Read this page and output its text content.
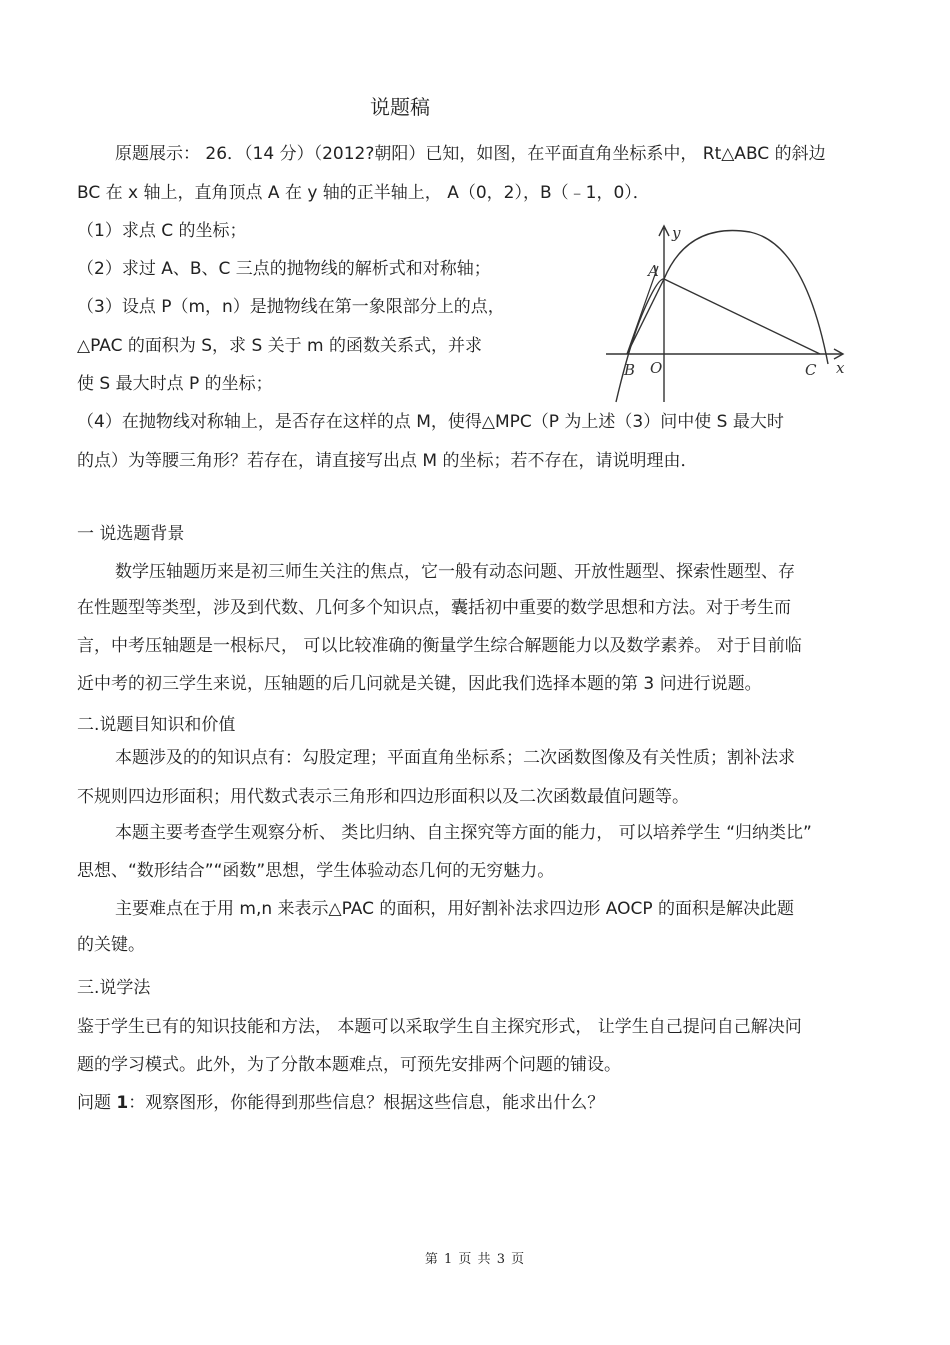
说题稿
原题展示： 26．（14 分）（2012?朝阳）已知，如图，在平面直角坐标系中， Rt△ABC 的斜边
BC 在 x 轴上，直角顶点 A 在 y 轴的正半轴上， A（0，2），B（﹣1，0）．
（1）求点 C 的坐标；
（2）求过 A、B、C 三点的抛物线的解析式和对称轴；
（3）设点 P（m，n）是抛物线在第一象限部分上的点，
△PAC 的面积为 S，求 S 关于 m 的函数关系式，并求
使 S 最大时点 P 的坐标；
（4）在抛物线对称轴上，是否存在这样的点 M，使得△MPC（P 为上述（3）问中使 S 最大时
的点）为等腰三角形？若存在，请直接写出点 M 的坐标；若不存在，请说明理由．
y
x
A
B O	C
一 说选题背景
数学压轴题历来是初三师生关注的焦点，它一般有动态问题、开放性题型、探索性题型、存
在性题型等类型，涉及到代数、几何多个知识点，囊括初中重要的数学思想和方法。对于考生而
言，中考压轴题是一根标尺， 可以比较准确的衡量学生综合解题能力以及数学素养。 对于目前临
近中考的初三学生来说，压轴题的后几问就是关键，因此我们选择本题的第 3 问进行说题。
二.说题目知识和价值
本题涉及的的知识点有：勾股定理；平面直角坐标系；二次函数图像及有关性质；割补法求
不规则四边形面积；用代数式表示三角形和四边形面积以及二次函数最值问题等。
本题主要考查学生观察分析、 类比归纳、自主探究等方面的能力， 可以培养学生 “归纳类比”
思想、“数形结合”“函数”思想，学生体验动态几何的无穷魅力。
主要难点在于用 m,n 来表示△PAC 的面积，用好割补法求四边形 AOCP 的面积是解决此题
的关键。
三.说学法
鉴于学生已有的知识技能和方法， 本题可以采取学生自主探究形式， 让学生自己提问自己解决问
题的学习模式。此外，为了分散本题难点，可预先安排两个问题的铺设。
问题 1：观察图形，你能得到那些信息？根据这些信息，能求出什么？
第 1 页 共 3 页
